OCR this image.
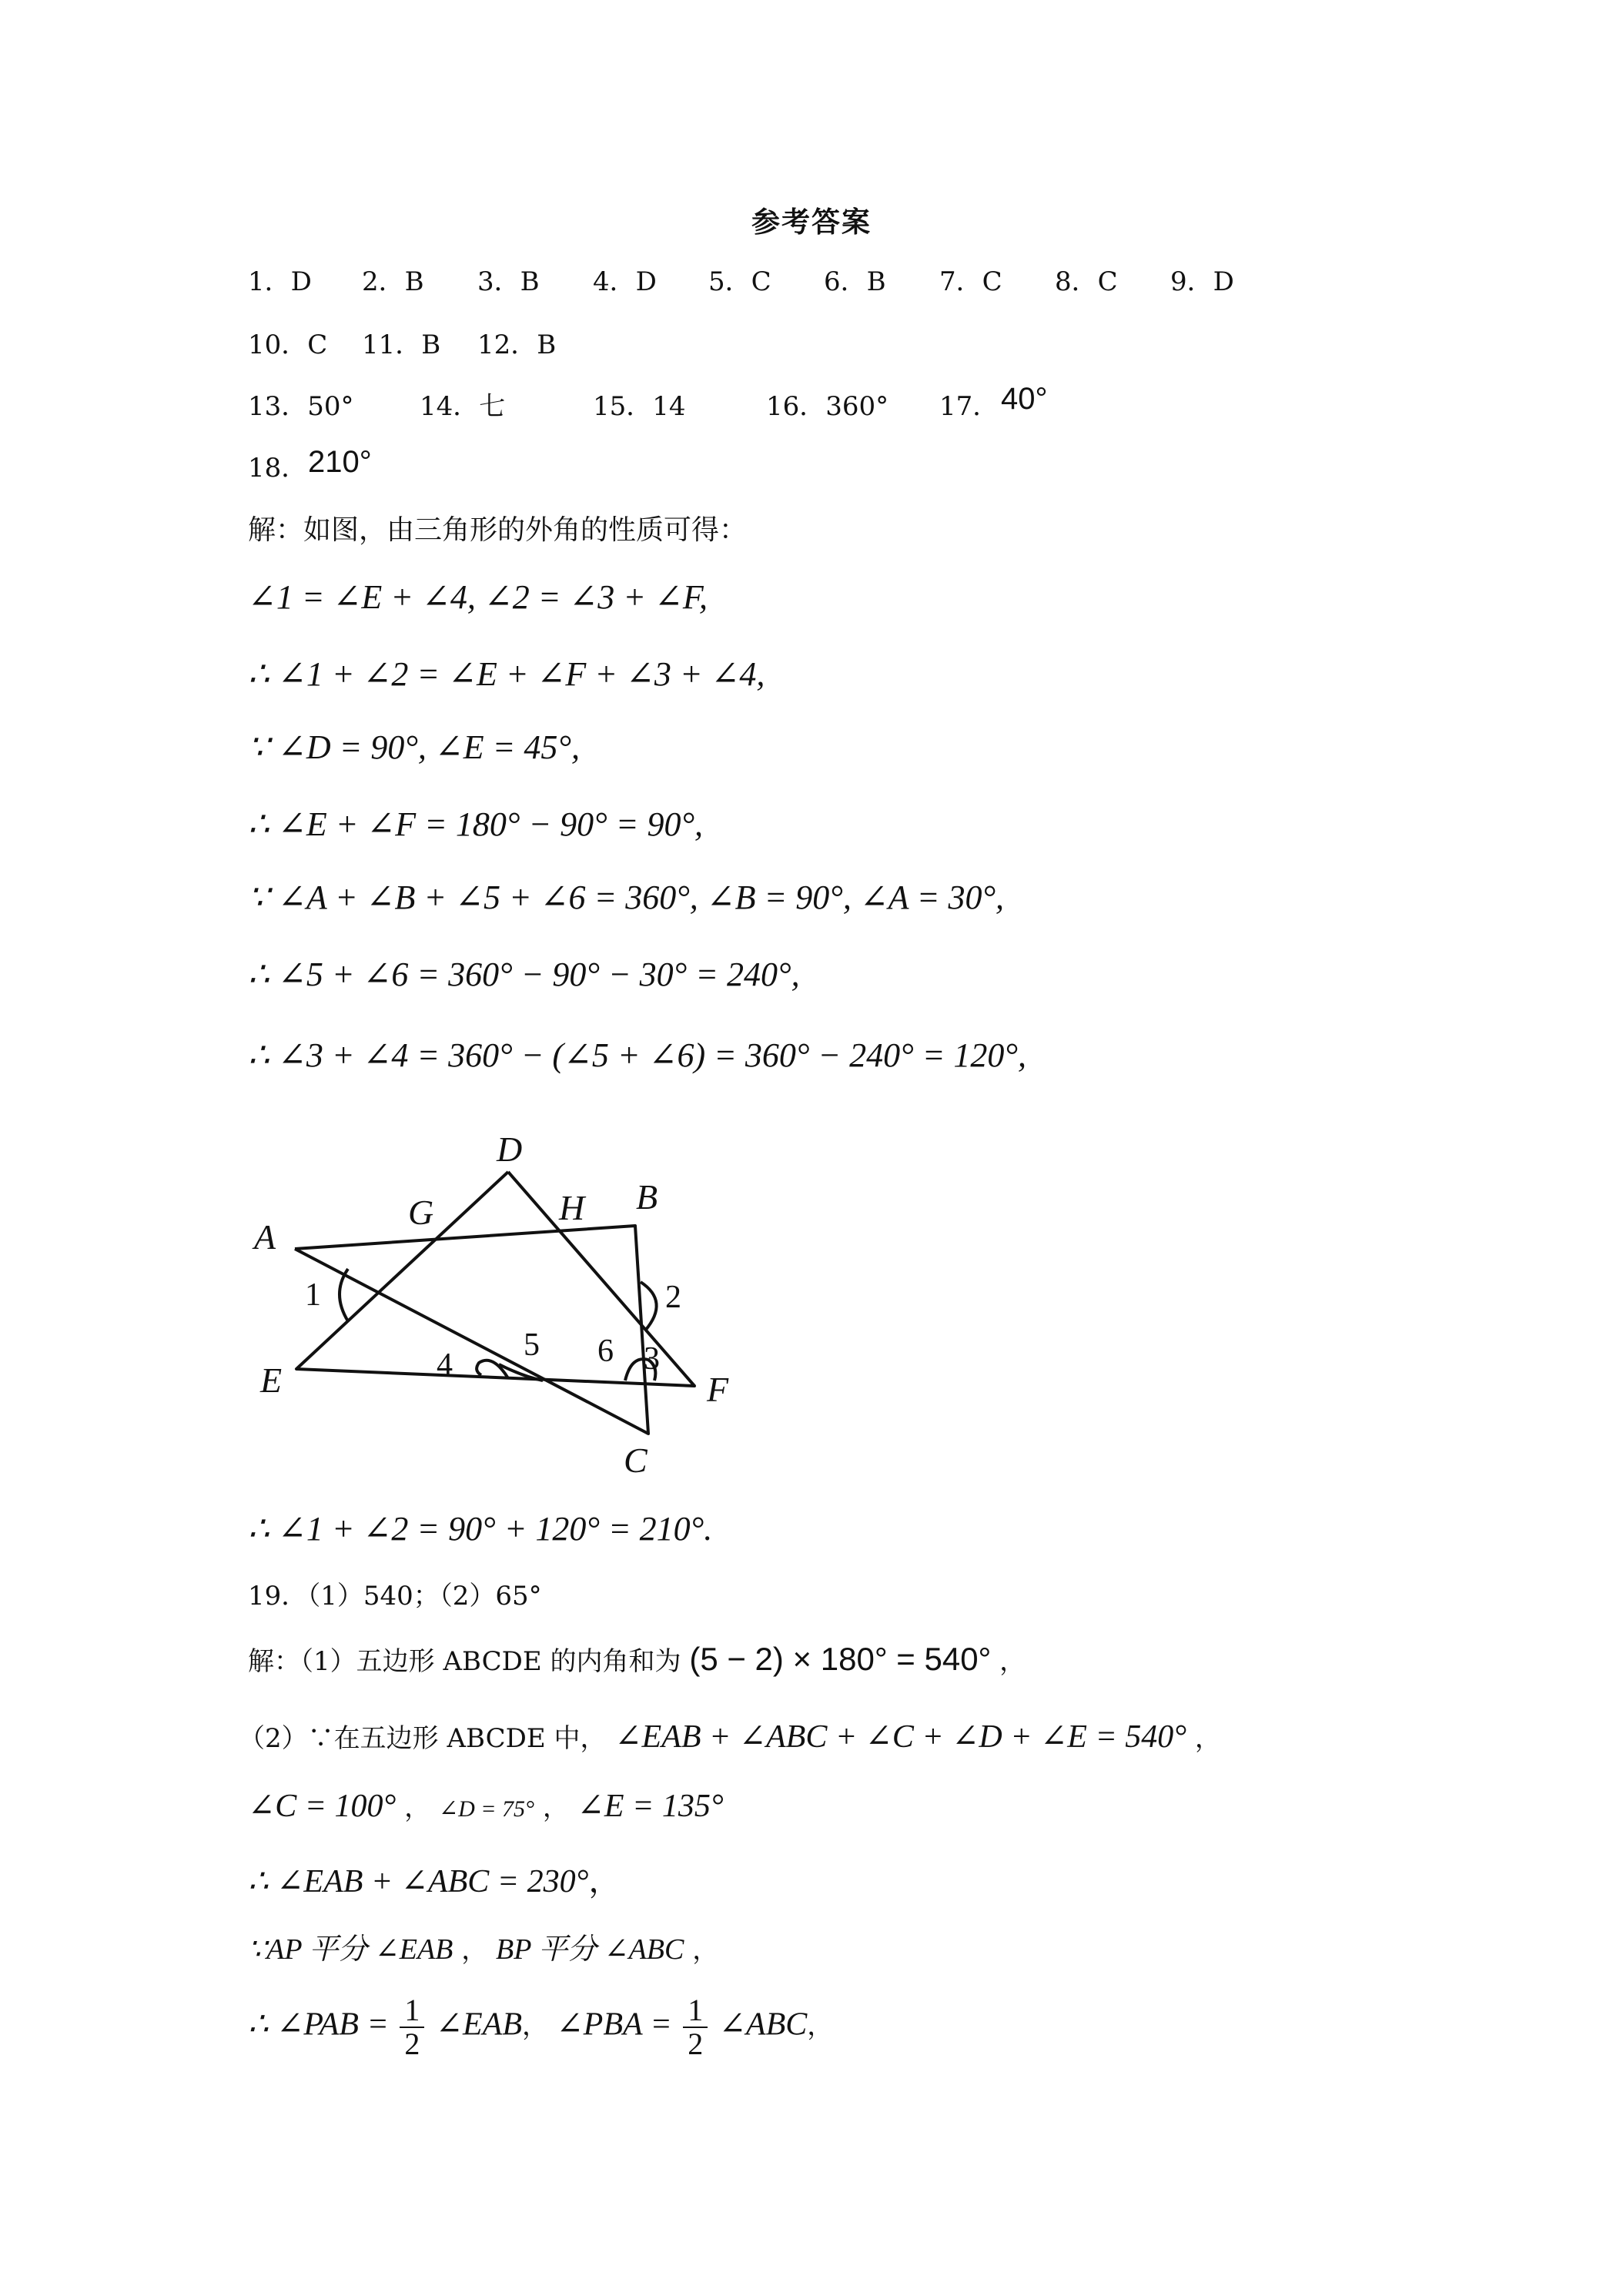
参考答案
1．D 2．B 3．B 4．D 5．C 6．B 7．C 8．C 9．D
10．C 11．B 12．B
13．50°	14．七	15．14	16．360° 17． 40°
18． 210°
解：如图，由三角形的外角的性质可得：
∠1 = ∠E + ∠4, ∠2 = ∠3 + ∠F,
∴ ∠1 + ∠2 = ∠E + ∠F + ∠3 + ∠4,
∵ ∠D = 90°, ∠E = 45°,
∴ ∠E + ∠F = 180° − 90° = 90°,
∵ ∠A + ∠B + ∠5 + ∠6 = 360°, ∠B = 90°, ∠A = 30°,
∴ ∠5 + ∠6 = 360° − 90° − 30° = 240°,
∴ ∠3 + ∠4 = 360° − (∠5 + ∠6) = 360° − 240° = 120°,
A
D
G	H B
E	F
C
1	2
3
4
5 6
∴ ∠1 + ∠2 = 90° + 120° = 210°.
19．（1）540；（2）65°
解：（1）五边形 ABCDE 的内角和为 (5 − 2) × 180° = 540° ，
（2）∵在五边形 ABCDE 中， ∠EAB + ∠ABC + ∠C + ∠D + ∠E = 540° ，
∠C = 100° ， ∠D = 75° ， ∠E = 135°
∴ ∠EAB + ∠ABC = 230°，
∵AP 平分 ∠EAB ， BP 平分 ∠ABC ，
∴ ∠PAB = $\frac{1}{2}$ ∠EAB， ∠PBA = $\frac{1}{2}$ ∠ABC，
